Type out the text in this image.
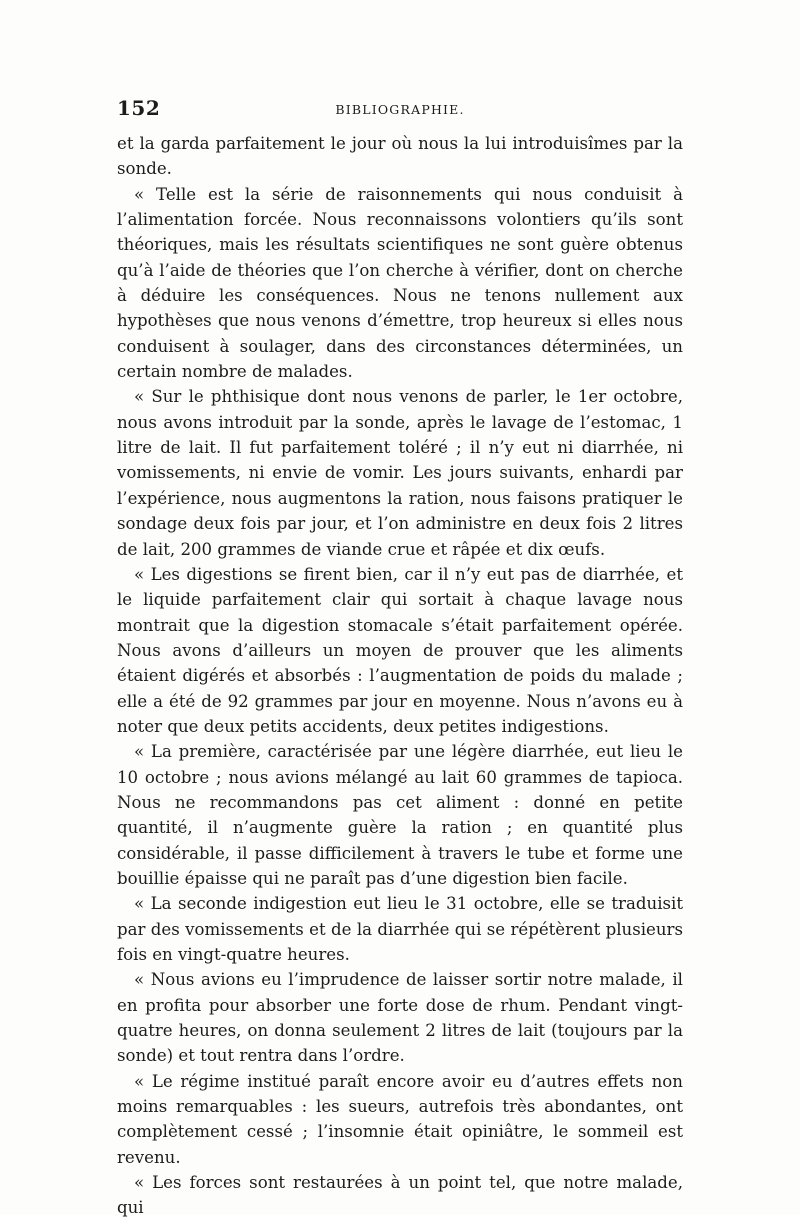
152	BIBLIOGRAPHIE.

et la garda parfaitement le jour où nous la lui introduisîmes par la sonde.

« Telle est la série de raisonnements qui nous conduisit à l’alimentation forcée. Nous reconnaissons volontiers qu’ils sont théoriques, mais les résultats scientifiques ne sont guère obtenus qu’à l’aide de théories que l’on cherche à vérifier, dont on cherche à déduire les conséquences. Nous ne tenons nullement aux hypothèses que nous venons d’émettre, trop heureux si elles nous conduisent à soulager, dans des circonstances déterminées, un certain nombre de malades.

« Sur le phthisique dont nous venons de parler, le 1er octobre, nous avons introduit par la sonde, après le lavage de l’estomac, 1 litre de lait. Il fut parfaitement toléré ; il n’y eut ni diarrhée, ni vomissements, ni envie de vomir. Les jours suivants, enhardi par l’expérience, nous augmentons la ration, nous faisons pratiquer le sondage deux fois par jour, et l’on administre en deux fois 2 litres de lait, 200 grammes de viande crue et râpée et dix œufs.

« Les digestions se firent bien, car il n’y eut pas de diarrhée, et le liquide parfaitement clair qui sortait à chaque lavage nous montrait que la digestion stomacale s’était parfaitement opérée. Nous avons d’ailleurs un moyen de prouver que les aliments étaient digérés et absorbés : l’augmentation de poids du malade ; elle a été de 92 grammes par jour en moyenne. Nous n’avons eu à noter que deux petits accidents, deux petites indigestions.

« La première, caractérisée par une légère diarrhée, eut lieu le 10 octobre ; nous avions mélangé au lait 60 grammes de tapioca. Nous ne recommandons pas cet aliment : donné en petite quantité, il n’augmente guère la ration ; en quantité plus considérable, il passe difficilement à travers le tube et forme une bouillie épaisse qui ne paraît pas d’une digestion bien facile.

« La seconde indigestion eut lieu le 31 octobre, elle se traduisit par des vomissements et de la diarrhée qui se répétèrent plusieurs fois en vingt-quatre heures.

« Nous avions eu l’imprudence de laisser sortir notre malade, il en profita pour absorber une forte dose de rhum. Pendant vingt-quatre heures, on donna seulement 2 litres de lait (toujours par la sonde) et tout rentra dans l’ordre.

« Le régime institué paraît encore avoir eu d’autres effets non moins remarquables : les sueurs, autrefois très abondantes, ont complètement cessé ; l’insomnie était opiniâtre, le sommeil est revenu.

« Les forces sont restaurées à un point tel, que notre malade, qui
